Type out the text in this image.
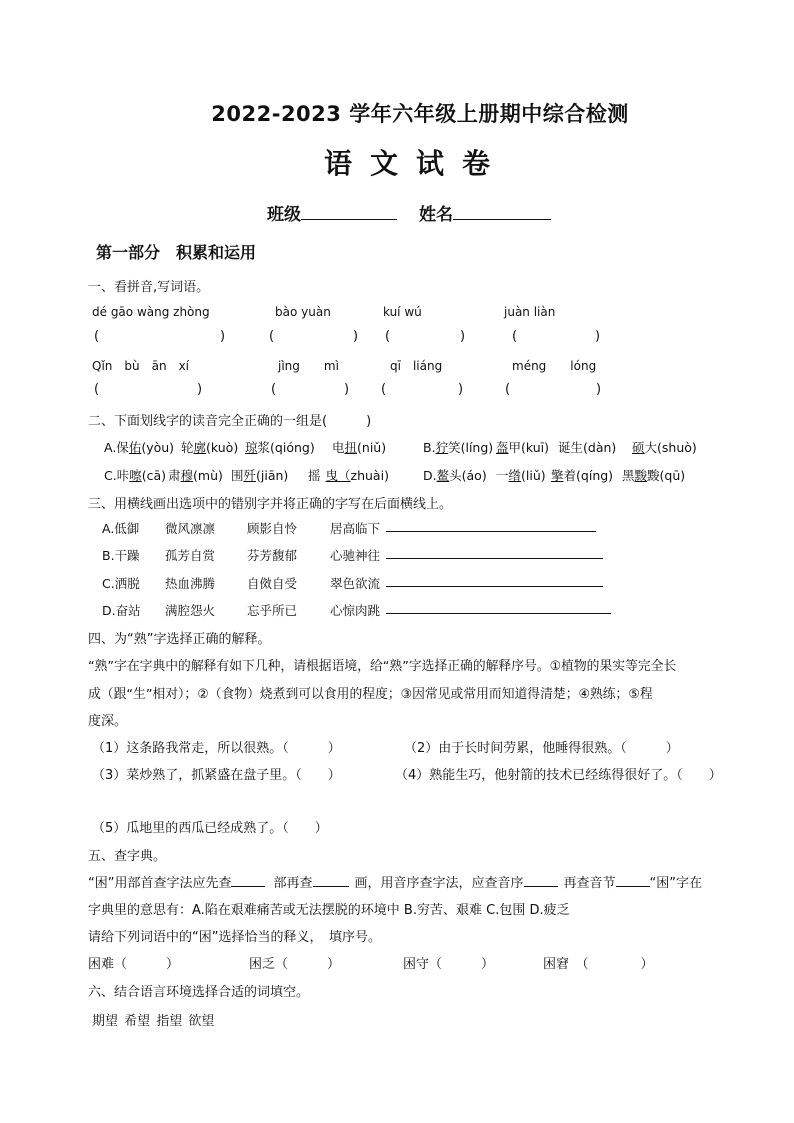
2022-2023 学年六年级上册期中综合检测
语 文 试 卷
班级	姓名
第一部分　积累和运用
一、看拼音,写词语。
dé gāo wàng zhòng	bào yuàn	kuí wú	juàn liàn
(	)	(	) (	)	(	)
Qǐn　bù　ān　xí	jìng　　mì	qī　liáng	méng　　lóng
(	)	(	) (	)	(	)
二、下面划线字的读音完全正确的一组是(　　　)
A.保佑(yòu) 轮廓(kuò) 琼浆(qióng) 电扭(niǔ)	B.狞笑(líng) 盔甲(kuī) 诞生(dàn) 硕大(shuò)
C.咔嚓(cā) 肃穆(mù) 围歼(jiān) 摇 曳（zhuài)	D.鳌头(áo) 一绺(liǔ) 擎着(qíng) 黑黢黢(qū)
三、用横线画出选项中的错别字并将正确的字写在后面横线上。
A.低御 微风凛凛	顾影自怜	居高临下
B.干躁 孤芳自赏	芬芳馥郁	心驰神往
C.洒脱 热血沸腾	自傚自受	翠色欲流
D.奋站 满腔怨火	忘乎所已	心惊肉跳
四、为“熟”字选择正确的解释。
“熟”字在字典中的解释有如下几种，请根据语境，给“熟”字选择正确的解释序号。①植物的果实等完全长
成（跟“生”相对）；②（食物）烧煮到可以食用的程度；③因常见或常用而知道得清楚；④熟练；⑤程
度深。
（1）这条路我常走，所以很熟。（　　　）	（2）由于长时间劳累，他睡得很熟。（　　　）
（3）菜炒熟了，抓紧盛在盘子里。（　　）	（4）熟能生巧，他射箭的技术已经练得很好了。（　　）
（5）瓜地里的西瓜已经成熟了。（　　）
五、查字典。
“困”用部首查字法应先查	部再查	画，用音序查字法，应查音序	再查音节	“困”字在
字典里的意思有：A.陷在艰难痛苦或无法摆脱的环境中 B.穷苦、艰难 C.包围 D.疲乏
请给下列词语中的“困”选择恰当的释义，　填序号。
困难（　　　）	困乏（　　　）	困守（　　　）	困窘　（　　　　）
六、结合语言环境选择合适的词填空。
期望 希望 指望 欲望
